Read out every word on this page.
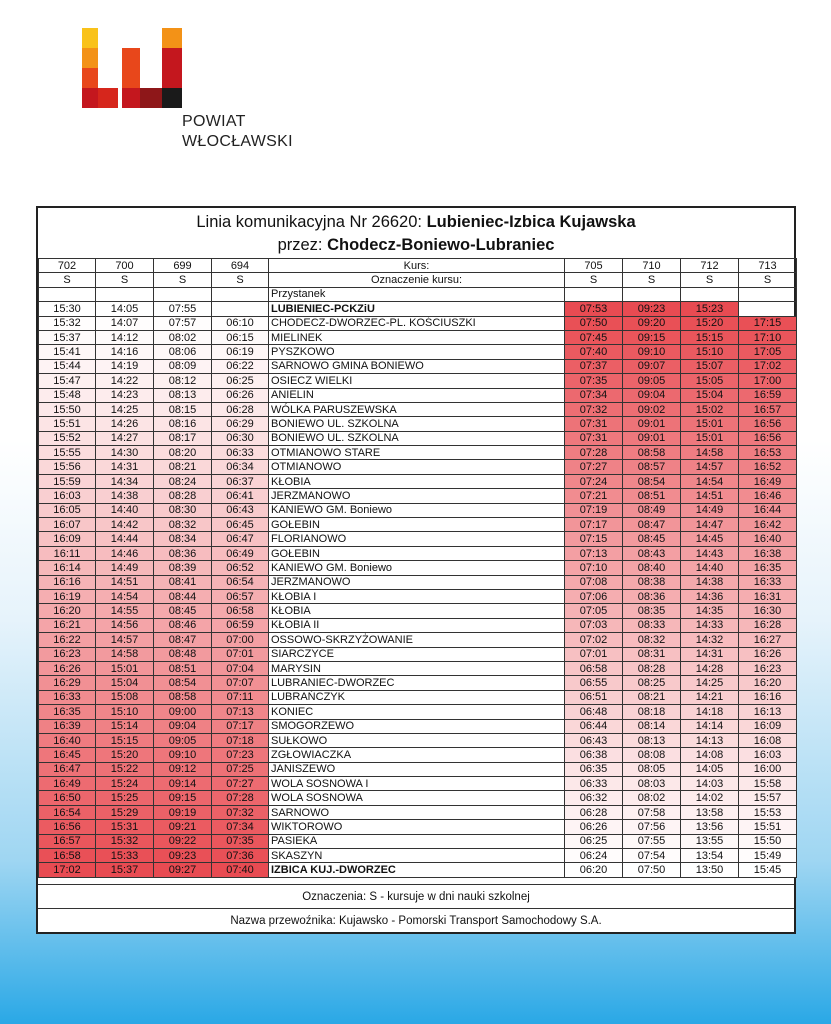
POWIAT
WŁOCŁAWSKI
Linia komunikacyjna Nr 26620: Lubieniec-Izbica Kujawska
przez: Chodecz-Boniewo-Lubraniec
702	700	699	694	Kurs:	705	710	712	713
S	S	S	S	Oznaczenie kursu:	S	S	S	S
				Przystanek				
15:30	14:05	07:55		LUBIENIEC-PCKZiU	07:53	09:23	15:23	
15:32	14:07	07:57	06:10	CHODECZ-DWORZEC-PL. KOŚCIUSZKI	07:50	09:20	15:20	17:15
15:37	14:12	08:02	06:15	MIELINEK	07:45	09:15	15:15	17:10
15:41	14:16	08:06	06:19	PYSZKOWO	07:40	09:10	15:10	17:05
15:44	14:19	08:09	06:22	SARNOWO GMINA BONIEWO	07:37	09:07	15:07	17:02
15:47	14:22	08:12	06:25	OSIECZ WIELKI	07:35	09:05	15:05	17:00
15:48	14:23	08:13	06:26	ANIELIN	07:34	09:04	15:04	16:59
15:50	14:25	08:15	06:28	WÓLKA PARUSZEWSKA	07:32	09:02	15:02	16:57
15:51	14:26	08:16	06:29	BONIEWO UL. SZKOLNA	07:31	09:01	15:01	16:56
15:52	14:27	08:17	06:30	BONIEWO UL. SZKOLNA	07:31	09:01	15:01	16:56
15:55	14:30	08:20	06:33	OTMIANOWO STARE	07:28	08:58	14:58	16:53
15:56	14:31	08:21	06:34	OTMIANOWO	07:27	08:57	14:57	16:52
15:59	14:34	08:24	06:37	KŁOBIA	07:24	08:54	14:54	16:49
16:03	14:38	08:28	06:41	JERZMANOWO	07:21	08:51	14:51	16:46
16:05	14:40	08:30	06:43	KANIEWO GM. Boniewo	07:19	08:49	14:49	16:44
16:07	14:42	08:32	06:45	GOŁEBIN	07:17	08:47	14:47	16:42
16:09	14:44	08:34	06:47	FLORIANOWO	07:15	08:45	14:45	16:40
16:11	14:46	08:36	06:49	GOŁEBIN	07:13	08:43	14:43	16:38
16:14	14:49	08:39	06:52	KANIEWO GM. Boniewo	07:10	08:40	14:40	16:35
16:16	14:51	08:41	06:54	JERZMANOWO	07:08	08:38	14:38	16:33
16:19	14:54	08:44	06:57	KŁOBIA I	07:06	08:36	14:36	16:31
16:20	14:55	08:45	06:58	KŁOBIA	07:05	08:35	14:35	16:30
16:21	14:56	08:46	06:59	KŁOBIA II	07:03	08:33	14:33	16:28
16:22	14:57	08:47	07:00	OSSOWO-SKRZYŻOWANIE	07:02	08:32	14:32	16:27
16:23	14:58	08:48	07:01	SIARCZYCE	07:01	08:31	14:31	16:26
16:26	15:01	08:51	07:04	MARYSIN	06:58	08:28	14:28	16:23
16:29	15:04	08:54	07:07	LUBRANIEC-DWORZEC	06:55	08:25	14:25	16:20
16:33	15:08	08:58	07:11	LUBRAŃCZYK	06:51	08:21	14:21	16:16
16:35	15:10	09:00	07:13	KONIEC	06:48	08:18	14:18	16:13
16:39	15:14	09:04	07:17	SMOGORZEWO	06:44	08:14	14:14	16:09
16:40	15:15	09:05	07:18	SUŁKOWO	06:43	08:13	14:13	16:08
16:45	15:20	09:10	07:23	ZGŁOWIACZKA	06:38	08:08	14:08	16:03
16:47	15:22	09:12	07:25	JANISZEWO	06:35	08:05	14:05	16:00
16:49	15:24	09:14	07:27	WOLA SOSNOWA I	06:33	08:03	14:03	15:58
16:50	15:25	09:15	07:28	WOLA SOSNOWA	06:32	08:02	14:02	15:57
16:54	15:29	09:19	07:32	SARNOWO	06:28	07:58	13:58	15:53
16:56	15:31	09:21	07:34	WIKTOROWO	06:26	07:56	13:56	15:51
16:57	15:32	09:22	07:35	PASIEKA	06:25	07:55	13:55	15:50
16:58	15:33	09:23	07:36	SKASZYN	06:24	07:54	13:54	15:49
17:02	15:37	09:27	07:40	IZBICA KUJ.-DWORZEC	06:20	07:50	13:50	15:45
Oznaczenia: S - kursuje w dni nauki szkolnej
Nazwa przewoźnika: Kujawsko - Pomorski Transport Samochodowy S.A.
